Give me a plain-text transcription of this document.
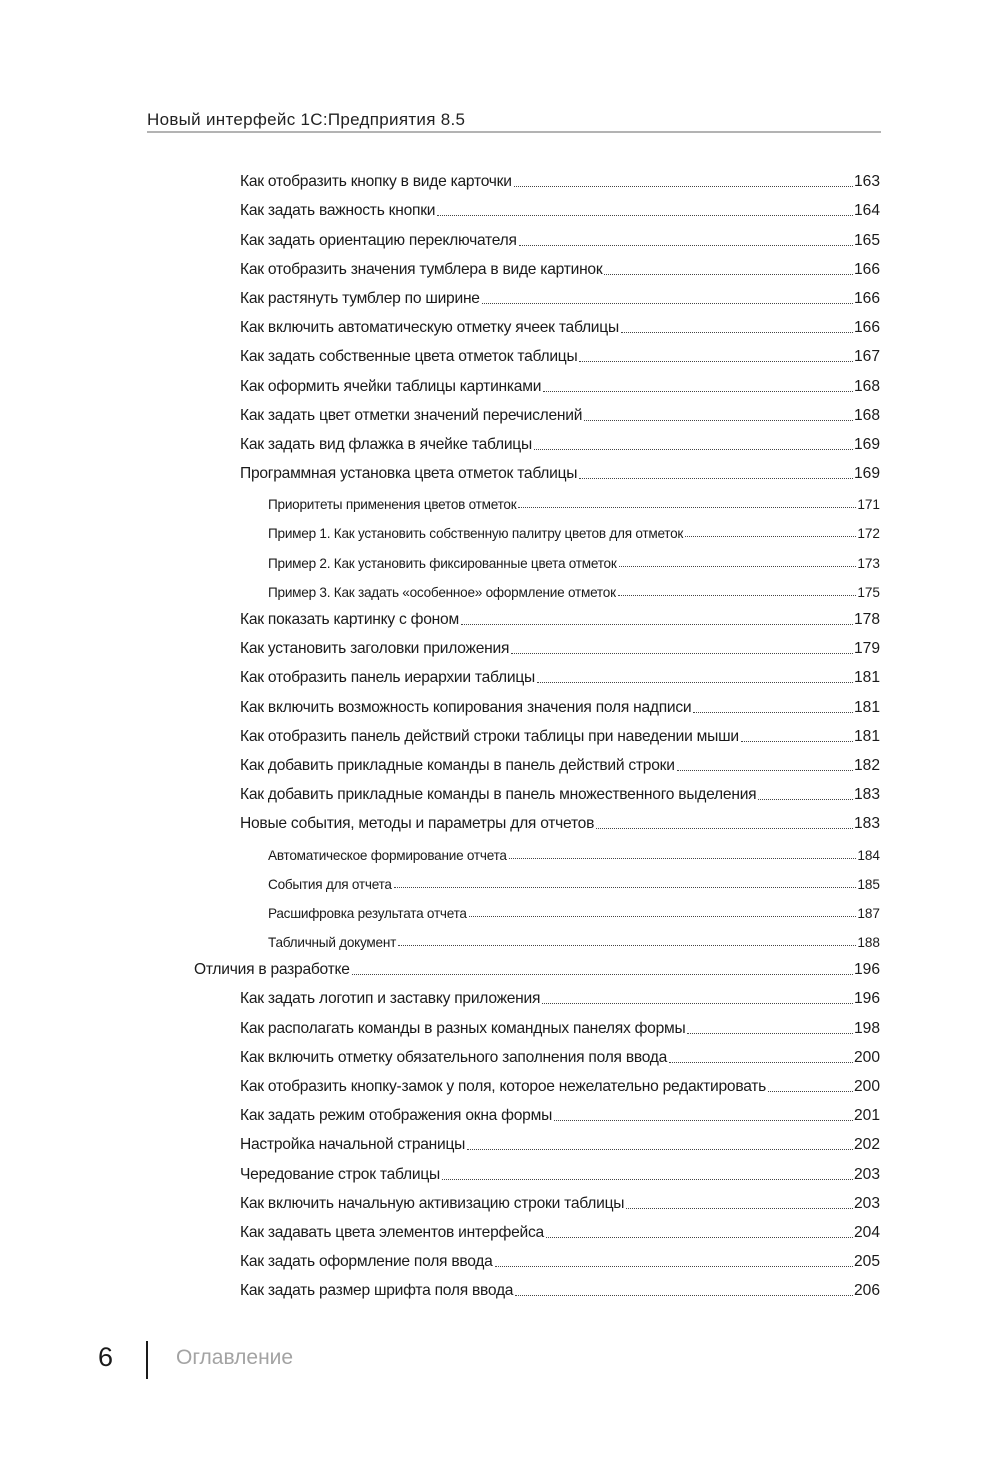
Новый интерфейс 1С:Предприятия 8.5
Как отобразить кнопку в виде карточки	163
Как задать важность кнопки	164
Как задать ориентацию переключателя	165
Как отобразить значения тумблера в виде картинок	166
Как растянуть тумблер по ширине	166
Как включить автоматическую отметку ячеек таблицы	166
Как задать собственные цвета отметок таблицы	167
Как оформить ячейки таблицы картинками	168
Как задать цвет отметки значений перечислений	168
Как задать вид флажка в ячейке таблицы	169
Программная установка цвета отметок таблицы	169
Приоритеты применения цветов отметок	171
Пример 1. Как установить собственную палитру цветов для отметок	172
Пример 2. Как установить фиксированные цвета отметок	173
Пример 3. Как задать «особенное» оформление отметок	175
Как показать картинку с фоном	178
Как установить заголовки приложения	179
Как отобразить панель иерархии таблицы	181
Как включить возможность копирования значения поля надписи	181
Как отобразить панель действий строки таблицы при наведении мыши	181
Как добавить прикладные команды в панель действий строки	182
Как добавить прикладные команды в панель множественного выделения	183
Новые события, методы и параметры для отчетов	183
Автоматическое формирование отчета	184
События для отчета	185
Расшифровка результата отчета	187
Табличный документ	188
Отличия в разработке	196
Как задать логотип и заставку приложения	196
Как располагать команды в разных командных панелях формы	198
Как включить отметку обязательного заполнения поля ввода	200
Как отобразить кнопку-замок у поля, которое нежелательно редактировать	200
Как задать режим отображения окна формы	201
Настройка начальной страницы	202
Чередование строк таблицы	203
Как включить начальную активизацию строки таблицы	203
Как задавать цвета элементов интерфейса	204
Как задать оформление поля ввода	205
Как задать размер шрифта поля ввода	206
6	Оглавление
